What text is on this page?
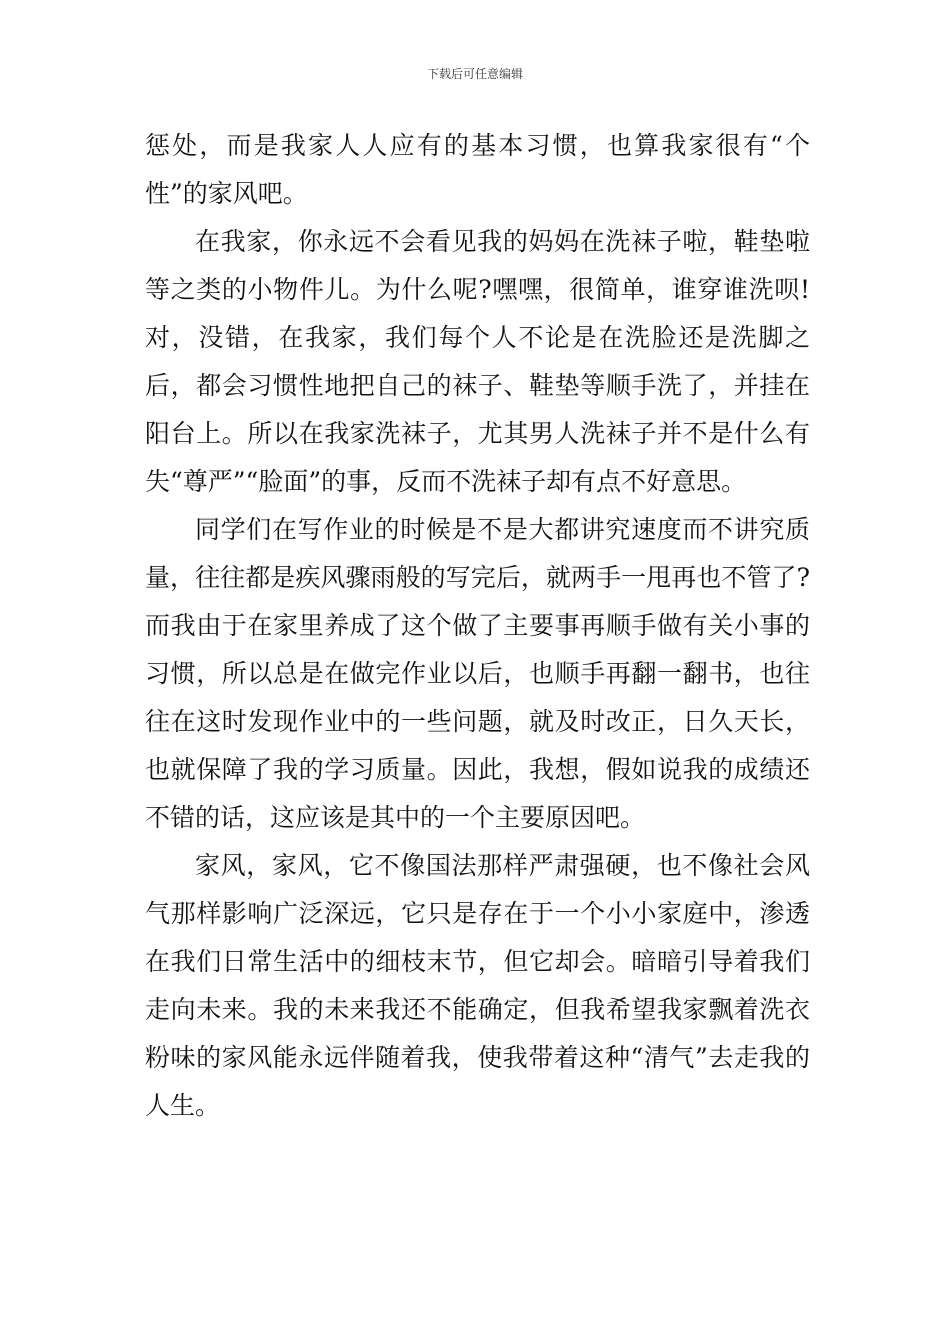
下载后可任意编辑

惩处，而是我家人人应有的基本习惯，也算我家很有“个性”的家风吧。

在我家，你永远不会看见我的妈妈在洗袜子啦，鞋垫啦等之类的小物件儿。为什么呢?嘿嘿，很简单，谁穿谁洗呗!对，没错，在我家，我们每个人不论是在洗脸还是洗脚之后，都会习惯性地把自己的袜子、鞋垫等顺手洗了，并挂在阳台上。所以在我家洗袜子，尤其男人洗袜子并不是什么有失“尊严”“脸面”的事，反而不洗袜子却有点不好意思。

同学们在写作业的时候是不是大都讲究速度而不讲究质量，往往都是疾风骤雨般的写完后，就两手一甩再也不管了?而我由于在家里养成了这个做了主要事再顺手做有关小事的习惯，所以总是在做完作业以后，也顺手再翻一翻书，也往往在这时发现作业中的一些问题，就及时改正，日久天长，也就保障了我的学习质量。因此，我想，假如说我的成绩还不错的话，这应该是其中的一个主要原因吧。

家风，家风，它不像国法那样严肃强硬，也不像社会风气那样影响广泛深远，它只是存在于一个小小家庭中，渗透在我们日常生活中的细枝末节，但它却会。暗暗引导着我们走向未来。我的未来我还不能确定，但我希望我家飘着洗衣粉味的家风能永远伴随着我，使我带着这种“清气”去走我的人生。
